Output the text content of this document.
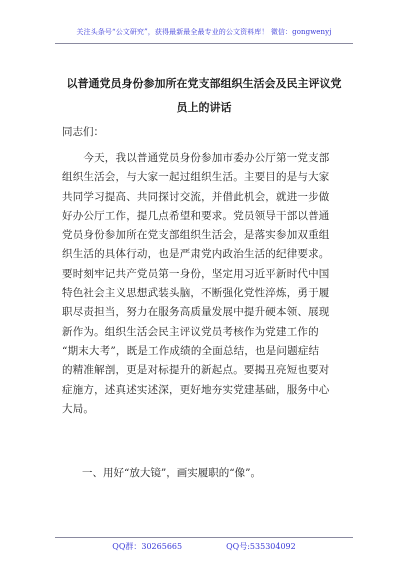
关注头条号“公文研究”，获得最新最全最专业的公文资料库！ 微信：gongwenyj
以普通党员身份参加所在党支部组织生活会及民主评议党
员上的讲话
同志们：
　　今天，我以普通党员身份参加市委办公厅第一党支部
组织生活会，与大家一起过组织生活。主要目的是与大家
共同学习提高、共同探讨交流，并借此机会，就进一步做
好办公厅工作，提几点希望和要求。党员领导干部以普通
党员身份参加所在党支部组织生活会，是落实参加双重组
织生活的具体行动，也是严肃党内政治生活的纪律要求。
要时刻牢记共产党员第一身份，坚定用习近平新时代中国
特色社会主义思想武装头脑，不断强化党性淬炼，勇于履
职尽责担当，努力在服务高质量发展中提升硬本领、展现
新作为。组织生活会民主评议党员考核作为党建工作的
“期末大考”，既是工作成绩的全面总结，也是问题症结
的精准解剖，更是对标提升的新起点。要揭丑亮短也要对
症施方，述真述实述深，更好地夯实党建基础，服务中心
大局。
一、用好“放大镜”，画实履职的“像”。
QQ群：30265665	QQ号:535304092
